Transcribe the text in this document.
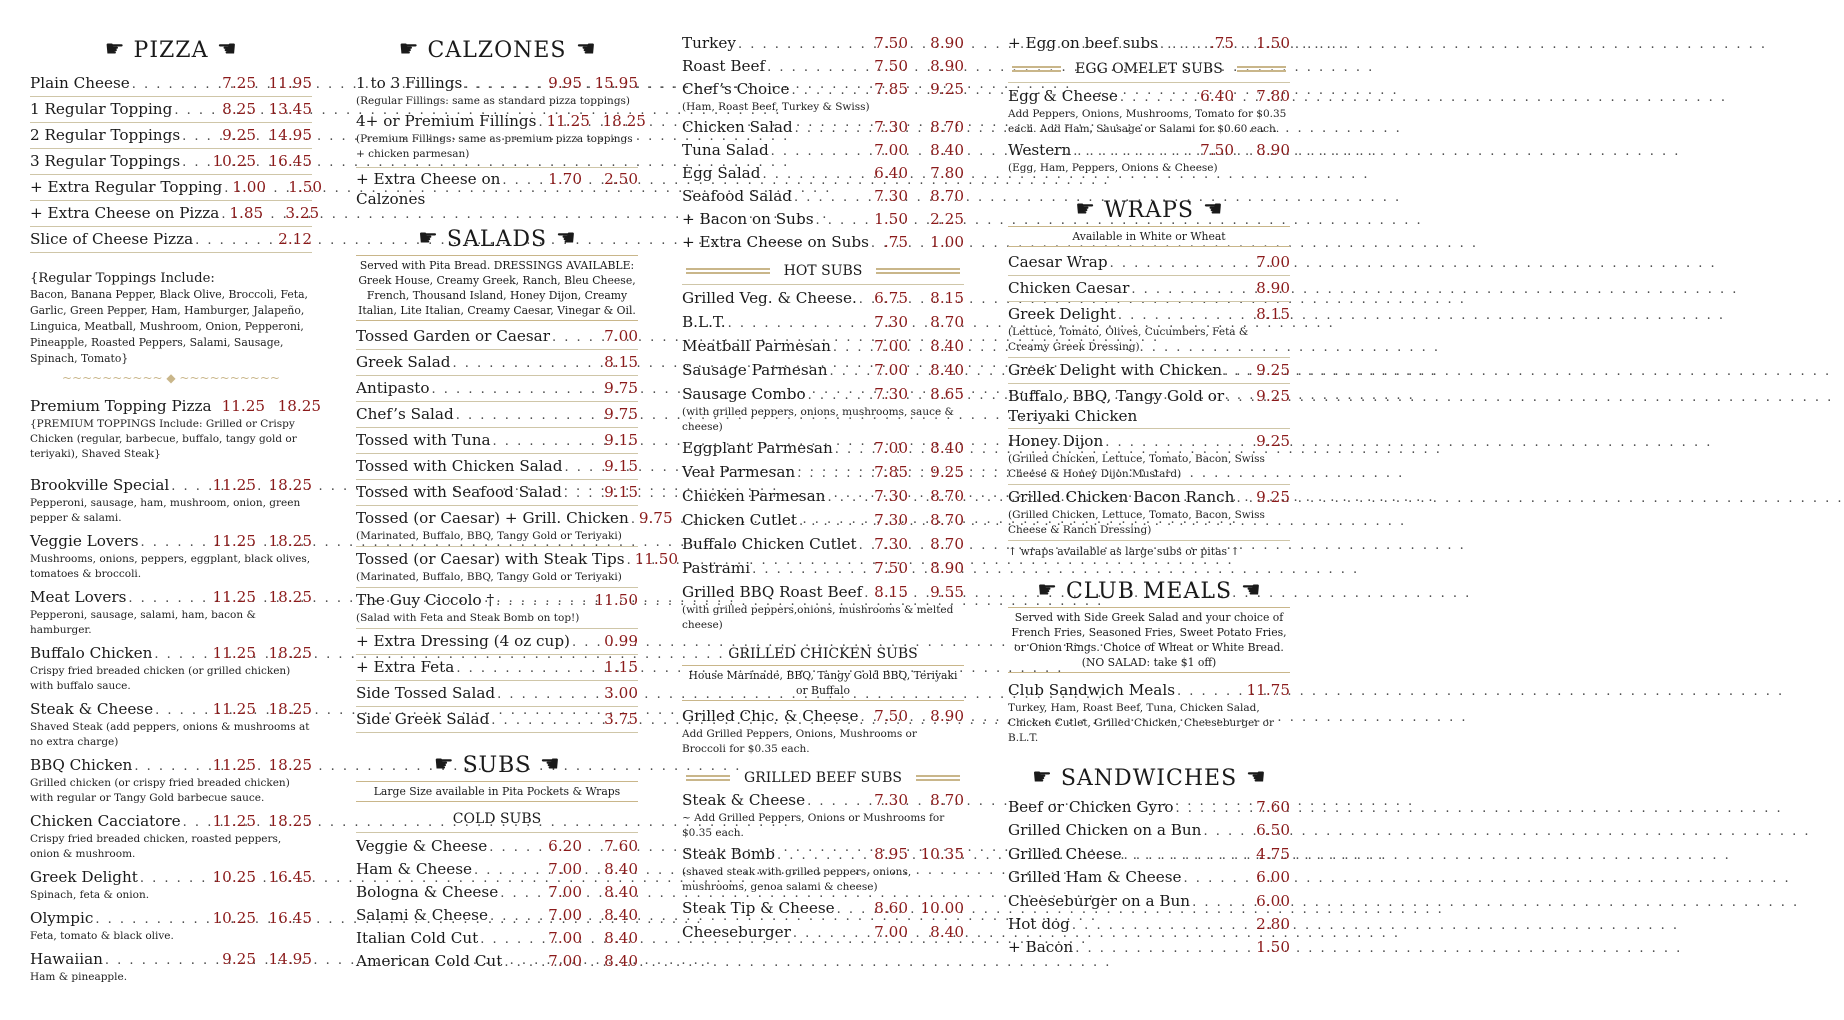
☛ PIZZA ☛
Plain Cheese . . .	7.25 11.95
1 Regular Topping . . .	8.25 13.45
2 Regular Toppings . . .	9.25 14.95
3 Regular Toppings . . . 10.25 16.45
+ Extra Regular Topping . . . 1.00	1.50
+ Extra Cheese on Pizza . . . 1.85	3.25
Slice of Cheese Pizza . . .	2.12
{Regular Toppings Include:
Bacon, Banana Pepper, Black Olive, Broccoli, Feta, Garlic, Green Pepper, Ham, Hamburger, Jalapeño, Linguica, Meatball, Mushroom, Onion, Pepperoni, Pineapple, Roasted Peppers, Salami, Sausage, Spinach, Tomato}
~~~~~~~~~~ ◆ ~~~~~~~~~~
Premium Topping Pizza 11.25 18.25
{PREMIUM TOPPINGS Include: Grilled or Crispy Chicken (regular, barbecue, buffalo, tangy gold or teriyaki), Shaved Steak}
Brookville Special . . .	11.25 18.25
Pepperoni, sausage, ham, mushroom, onion, green pepper & salami.
Veggie Lovers . . .	11.25 18.25
Mushrooms, onions, peppers, eggplant, black olives, tomatoes & broccoli.
Meat Lovers . . .	11.25 18.25
Pepperoni, sausage, salami, ham, bacon & hamburger.
Buffalo Chicken . . .	11.25 18.25
Crispy fried breaded chicken (or grilled chicken) with buffalo sauce.
Steak & Cheese . . .	11.25 18.25
Shaved Steak (add peppers, onions & mushrooms at no extra charge)
BBQ Chicken . . .	11.25 18.25
Grilled chicken (or crispy fried breaded chicken) with regular or Tangy Gold barbecue sauce.
Chicken Cacciatore . . . 11.25 18.25
Crispy fried breaded chicken, roasted peppers, onion & mushroom.
Greek Delight . . .	10.25 16.45
Spinach, feta & onion.
Olympic . . .	10.25 16.45
Feta, tomato & black olive.
Hawaiian . . .	9.25 14.95
Ham & pineapple.
☛ CALZONES ☛
1 to 3 Fillings . . .	9.95 15.95
(Regular Fillings: same as standard pizza toppings)
4+ or Premium Fillings . . . 11.25 18.25
(Premium Fillings: same as premium pizza toppings + chicken parmesan)
+ Extra Cheese on . . .	1.70	2.50
Calzones
☛ SALADS ☛
Served with Pita Bread. DRESSINGS AVAILABLE: Greek House, Creamy Greek, Ranch, Bleu Cheese, French, Thousand Island, Honey Dijon, Creamy Italian, Lite Italian, Creamy Caesar, Vinegar & Oil.
Tossed Garden or Caesar . . .	7.00
Greek Salad . . .	8.15
Antipasto . . .	9.75
Chef’s Salad . . .	9.75
Tossed with Tuna . . .	9.15
Tossed with Chicken Salad . . .	9.15
Tossed with Seafood Salad . . .	9.15
Tossed (or Caesar) + Grill. Chicken . . . 9.75
(Marinated, Buffalo, BBQ, Tangy Gold or Teriyaki)
Tossed (or Caesar) with Steak Tips . . . 11.50
(Marinated, Buffalo, BBQ, Tangy Gold or Teriyaki)
The Guy Ciccolo † . . .	11.50
(Salad with Feta and Steak Bomb on top!)
+ Extra Dressing (4 oz cup) . . . 0.99
+ Extra Feta . . .	1.15
Side Tossed Salad . . .	3.00
Side Greek Salad . . .	3.75
☛ SUBS ☛
Large Size available in Pita Pockets & Wraps
COLD SUBS
Veggie & Cheese . . .	6.20	7.60
Ham & Cheese . . .	7.00	8.40
Bologna & Cheese . . .	7.00	8.40
Salami & Cheese . . .	7.00	8.40
Italian Cold Cut . . .	7.00	8.40
American Cold Cut . . .	7.00	8.40
Turkey . . .	7.50	8.90
Roast Beef . . .	7.50	8.90
Chef’s Choice . . .	7.85	9.25
(Ham, Roast Beef, Turkey & Swiss)
Chicken Salad . . .	7.30	8.70
Tuna Salad . . .	7.00	8.40
Egg Salad . . .	6.40	7.80
Seafood Salad . . .	7.30	8.70
+ Bacon on Subs . . .	1.50	2.25
+ Extra Cheese on Subs . . . .75	1.00
HOT SUBS
Grilled Veg. & Cheese. . . . 6.75	8.15
B.L.T. . . .	7.30	8.70
Meatball Parmesan . . .	7.00	8.40
Sausage Parmesan . . .	7.00	8.40
Sausage Combo . . .	7.30	8.65
(with grilled peppers, onions, mushrooms, sauce & cheese)
Eggplant Parmesan . . .	7.00	8.40
Veal Parmesan . . .	7.85	9.25
Chicken Parmesan . . .	7.30	8.70
Chicken Cutlet . . .	7.30	8.70
Buffalo Chicken Cutlet . . . 7.30	8.70
Pastrami . . .	7.50	8.90
Grilled BBQ Roast Beef . . . 8.15	9.55
(with grilled peppers,onions, mushrooms & melted cheese)
GRILLED CHICKEN SUBS
House Marinade, BBQ, Tangy Gold BBQ, Teriyaki or Buffalo
Grilled Chic. & Cheese . . . 7.50	8.90
Add Grilled Peppers, Onions, Mushrooms or Broccoli for $0.35 each.
GRILLED BEEF SUBS
Steak & Cheese . . .	7.30	8.70
~ Add Grilled Peppers, Onions or Mushrooms for $0.35 each.
Steak Bomb . . .	8.95 10.35
(shaved steak with grilled peppers, onions, mushrooms, genoa salami & cheese)
Steak Tip & Cheese . . .	8.60 10.00
Cheeseburger . . .	7.00	8.40
+ Egg on beef subs . . .	.75	1.50
EGG OMELET SUBS
Egg & Cheese . . .	6.40	7.80
Add Peppers, Onions, Mushrooms, Tomato for $0.35 each. Add Ham, Sausage or Salami for $0.60 each.
Western . . .	7.50	8.90
(Egg, Ham, Peppers, Onions & Cheese)
☛ WRAPS ☛
Available in White or Wheat
Caesar Wrap . . .	7.00
Chicken Caesar . . .	8.90
Greek Delight . . .	8.15
(Lettuce, Tomato, Olives, Cucumbers, Feta & Creamy Greek Dressing)
Greek Delight with Chicken . . . 9.25
Buffalo, BBQ, Tangy Gold or . . . 9.25
Teriyaki Chicken
Honey Dijon . . .	9.25
(Grilled Chicken, Lettuce, Tomato, Bacon, Swiss Cheese & Honey Dijon Mustard)
Grilled Chicken Bacon Ranch . . . 9.25
(Grilled Chicken, Lettuce, Tomato, Bacon, Swiss Cheese & Ranch Dressing)
↑ wraps available as large subs or pitas ↑
☛ CLUB MEALS ☛
Served with Side Greek Salad and your choice of French Fries, Seasoned Fries, Sweet Potato Fries, or Onion Rings. Choice of Wheat or White Bread. (NO SALAD: take $1 off)
Club Sandwich Meals . . .	11.75
Turkey, Ham, Roast Beef, Tuna, Chicken Salad, Chicken Cutlet, Grilled Chicken, Cheeseburger or B.L.T.
☛ SANDWICHES ☛
Beef or Chicken Gyro . . .	7.60
Grilled Chicken on a Bun . . .	6.50
Grilled Cheese . . .	4.75
Grilled Ham & Cheese . . .	6.00
Cheeseburger on a Bun . . .	6.00
Hot dog . . .	2.80
+ Bacon . . .	1.50
